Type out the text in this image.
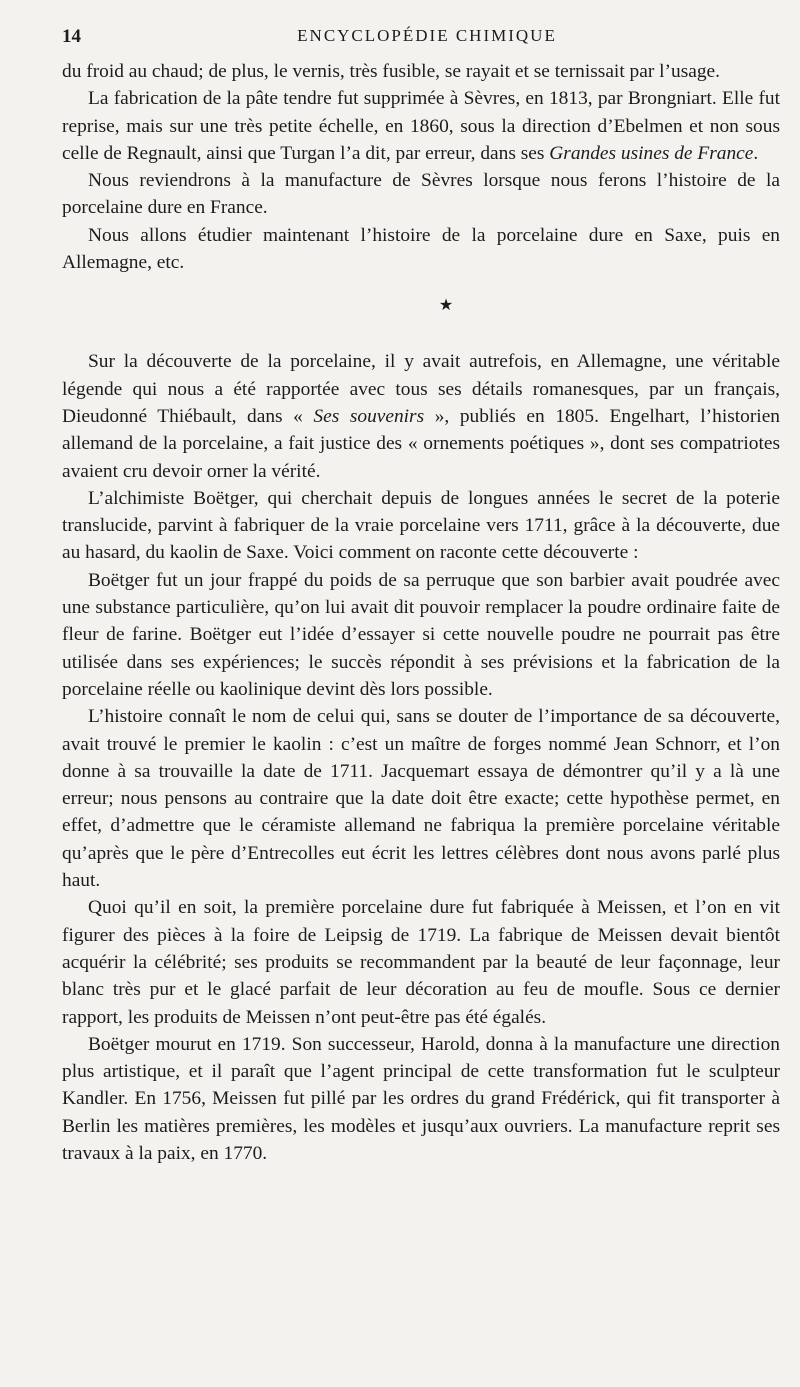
14	ENCYCLOPÉDIE CHIMIQUE

du froid au chaud; de plus, le vernis, très fusible, se rayait et se ternissait par l’usage.

La fabrication de la pâte tendre fut supprimée à Sèvres, en 1813, par Brongniart. Elle fut reprise, mais sur une très petite échelle, en 1860, sous la direction d’Ebelmen et non sous celle de Regnault, ainsi que Turgan l’a dit, par erreur, dans ses Grandes usines de France.

Nous reviendrons à la manufacture de Sèvres lorsque nous ferons l’histoire de la porcelaine dure en France.

Nous allons étudier maintenant l’histoire de la porcelaine dure en Saxe, puis en Allemagne, etc.

★

Sur la découverte de la porcelaine, il y avait autrefois, en Allemagne, une véritable légende qui nous a été rapportée avec tous ses détails romanesques, par un français, Dieudonné Thiébault, dans « Ses souvenirs », publiés en 1805. Engelhart, l’historien allemand de la porcelaine, a fait justice des « ornements poétiques », dont ses compatriotes avaient cru devoir orner la vérité.

L’alchimiste Boëtger, qui cherchait depuis de longues années le secret de la poterie translucide, parvint à fabriquer de la vraie porcelaine vers 1711, grâce à la découverte, due au hasard, du kaolin de Saxe. Voici comment on raconte cette découverte :

Boëtger fut un jour frappé du poids de sa perruque que son barbier avait poudrée avec une substance particulière, qu’on lui avait dit pouvoir remplacer la poudre ordinaire faite de fleur de farine. Boëtger eut l’idée d’essayer si cette nouvelle poudre ne pourrait pas être utilisée dans ses expériences; le succès répondit à ses prévisions et la fabrication de la porcelaine réelle ou kaolinique devint dès lors possible.

L’histoire connaît le nom de celui qui, sans se douter de l’importance de sa découverte, avait trouvé le premier le kaolin : c’est un maître de forges nommé Jean Schnorr, et l’on donne à sa trouvaille la date de 1711. Jacquemart essaya de démontrer qu’il y a là une erreur; nous pensons au contraire que la date doit être exacte; cette hypothèse permet, en effet, d’admettre que le céramiste allemand ne fabriqua la première porcelaine véritable qu’après que le père d’Entrecolles eut écrit les lettres célèbres dont nous avons parlé plus haut.

Quoi qu’il en soit, la première porcelaine dure fut fabriquée à Meissen, et l’on en vit figurer des pièces à la foire de Leipsig de 1719. La fabrique de Meissen devait bientôt acquérir la célébrité; ses produits se recommandent par la beauté de leur façonnage, leur blanc très pur et le glacé parfait de leur décoration au feu de moufle. Sous ce dernier rapport, les produits de Meissen n’ont peut-être pas été égalés.

Boëtger mourut en 1719. Son successeur, Harold, donna à la manufacture une direction plus artistique, et il paraît que l’agent principal de cette transformation fut le sculpteur Kandler. En 1756, Meissen fut pillé par les ordres du grand Frédérick, qui fit transporter à Berlin les matières premières, les modèles et jusqu’aux ouvriers. La manufacture reprit ses travaux à la paix, en 1770.
